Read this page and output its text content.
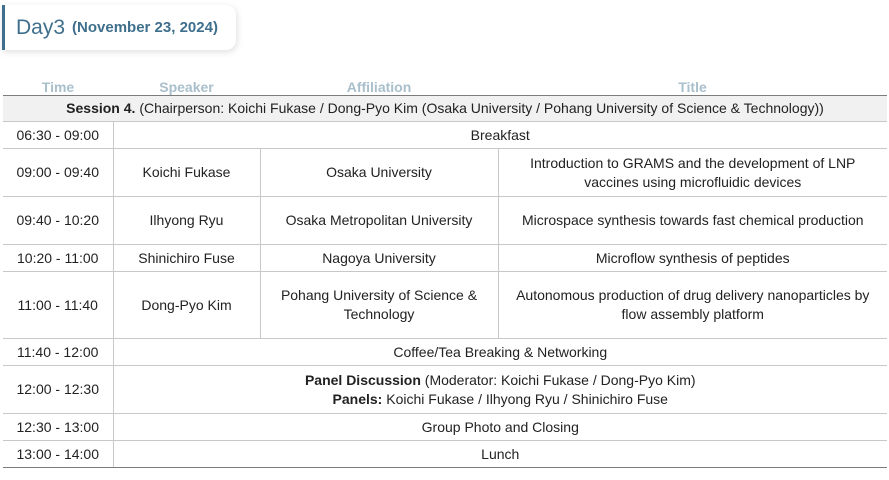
Day3 (November 23, 2024)
Time	Speaker	Affiliation	Title
Session 4. (Chairperson: Koichi Fukase / Dong-Pyo Kim (Osaka University / Pohang University of Science & Technology))			
06:30 - 09:00	Breakfast		
09:00 - 09:40	Koichi Fukase	Osaka University	Introduction to GRAMS and the development of LNP vaccines using microfluidic devices
09:40 - 10:20	Ilhyong Ryu	Osaka Metropolitan University	Microspace synthesis towards fast chemical production
10:20 - 11:00	Shinichiro Fuse	Nagoya University	Microflow synthesis of peptides
11:00 - 11:40	Dong-Pyo Kim	Pohang University of Science & Technology	Autonomous production of drug delivery nanoparticles by flow assembly platform
11:40 - 12:00	Coffee/Tea Breaking & Networking		
12:00 - 12:30	Panel Discussion (Moderator: Koichi Fukase / Dong-Pyo Kim)
Panels: Koichi Fukase / Ilhyong Ryu / Shinichiro Fuse		

12:30 - 13:00	Group Photo and Closing		
13:00 - 14:00	Lunch		
